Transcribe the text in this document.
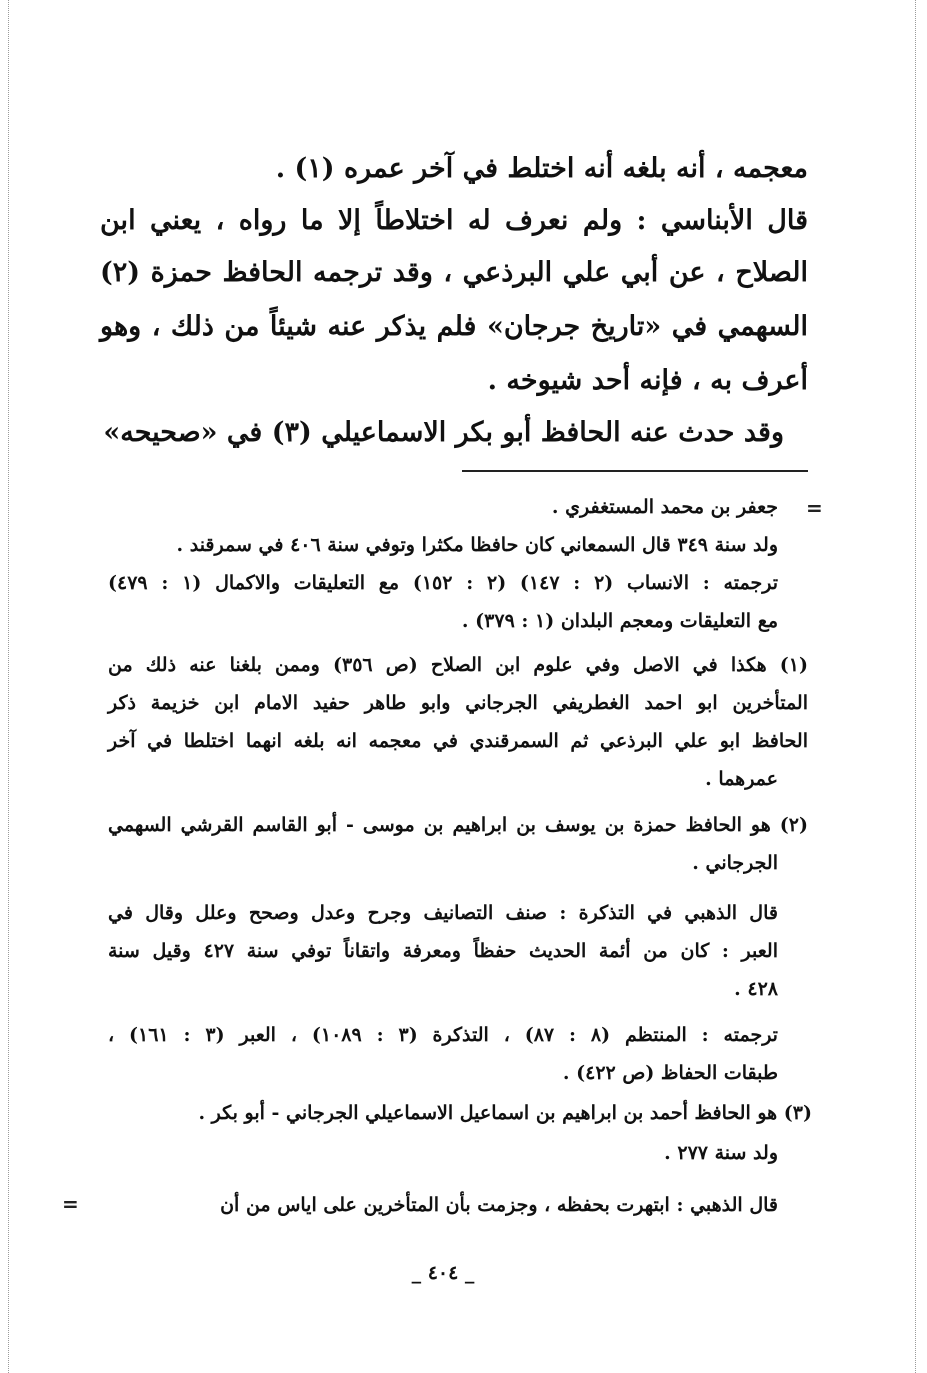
معجمه ، أنه بلغه أنه اختلط في آخر عمره (١) .
قال الأبناسي : ولم نعرف له اختلاطاً إلا ما رواه ، يعني ابن
الصلاح ، عن أبي علي البرذعي ، وقد ترجمه الحافظ حمزة (٢)
السهمي في «تاريخ جرجان» فلم يذكر عنه شيئاً من ذلك ، وهو
أعرف به ، فإنه أحد شيوخه .
وقد حدث عنه الحافظ أبو بكر الاسماعيلي (٣) في «صحيحه»
=
جعفر بن محمد المستغفري .
ولد سنة ٣٤٩ قال السمعاني كان حافظا مكثرا وتوفي سنة ٤٠٦ في سمرقند .
ترجمته : الانساب (٢ : ١٤٧) (٢ : ١٥٢) مع التعليقات والاكمال (١ : ٤٧٩)
مع التعليقات ومعجم البلدان (١ : ٣٧٩) .
(١) هكذا في الاصل وفي علوم ابن الصلاح (ص ٣٥٦) وممن بلغنا عنه ذلك من
المتأخرين ابو احمد الغطريفي الجرجاني وابو طاهر حفيد الامام ابن خزيمة ذكر
الحافظ ابو علي البرذعي ثم السمرقندي في معجمه انه بلغه انهما اختلطا في آخر
عمرهما .
(٢) هو الحافظ حمزة بن يوسف بن ابراهيم بن موسى - أبو القاسم القرشي السهمي
الجرجاني .
قال الذهبي في التذكرة : صنف التصانيف وجرح وعدل وصحح وعلل وقال في
العبر : كان من أئمة الحديث حفظاً ومعرفة واتقاناً توفي سنة ٤٢٧ وقيل سنة
٤٢٨ .
ترجمته : المنتظم (٨ : ٨٧) ، التذكرة (٣ : ١٠٨٩) ، العبر (٣ : ١٦١) ،
طبقات الحفاظ (ص ٤٢٢) .
(٣) هو الحافظ أحمد بن ابراهيم بن اسماعيل الاسماعيلي الجرجاني - أبو بكر .
ولد سنة ٢٧٧ .
قال الذهبي : ابتهرت بحفظه ، وجزمت بأن المتأخرين على اياس من أن
=
_ ٤٠٤ _
